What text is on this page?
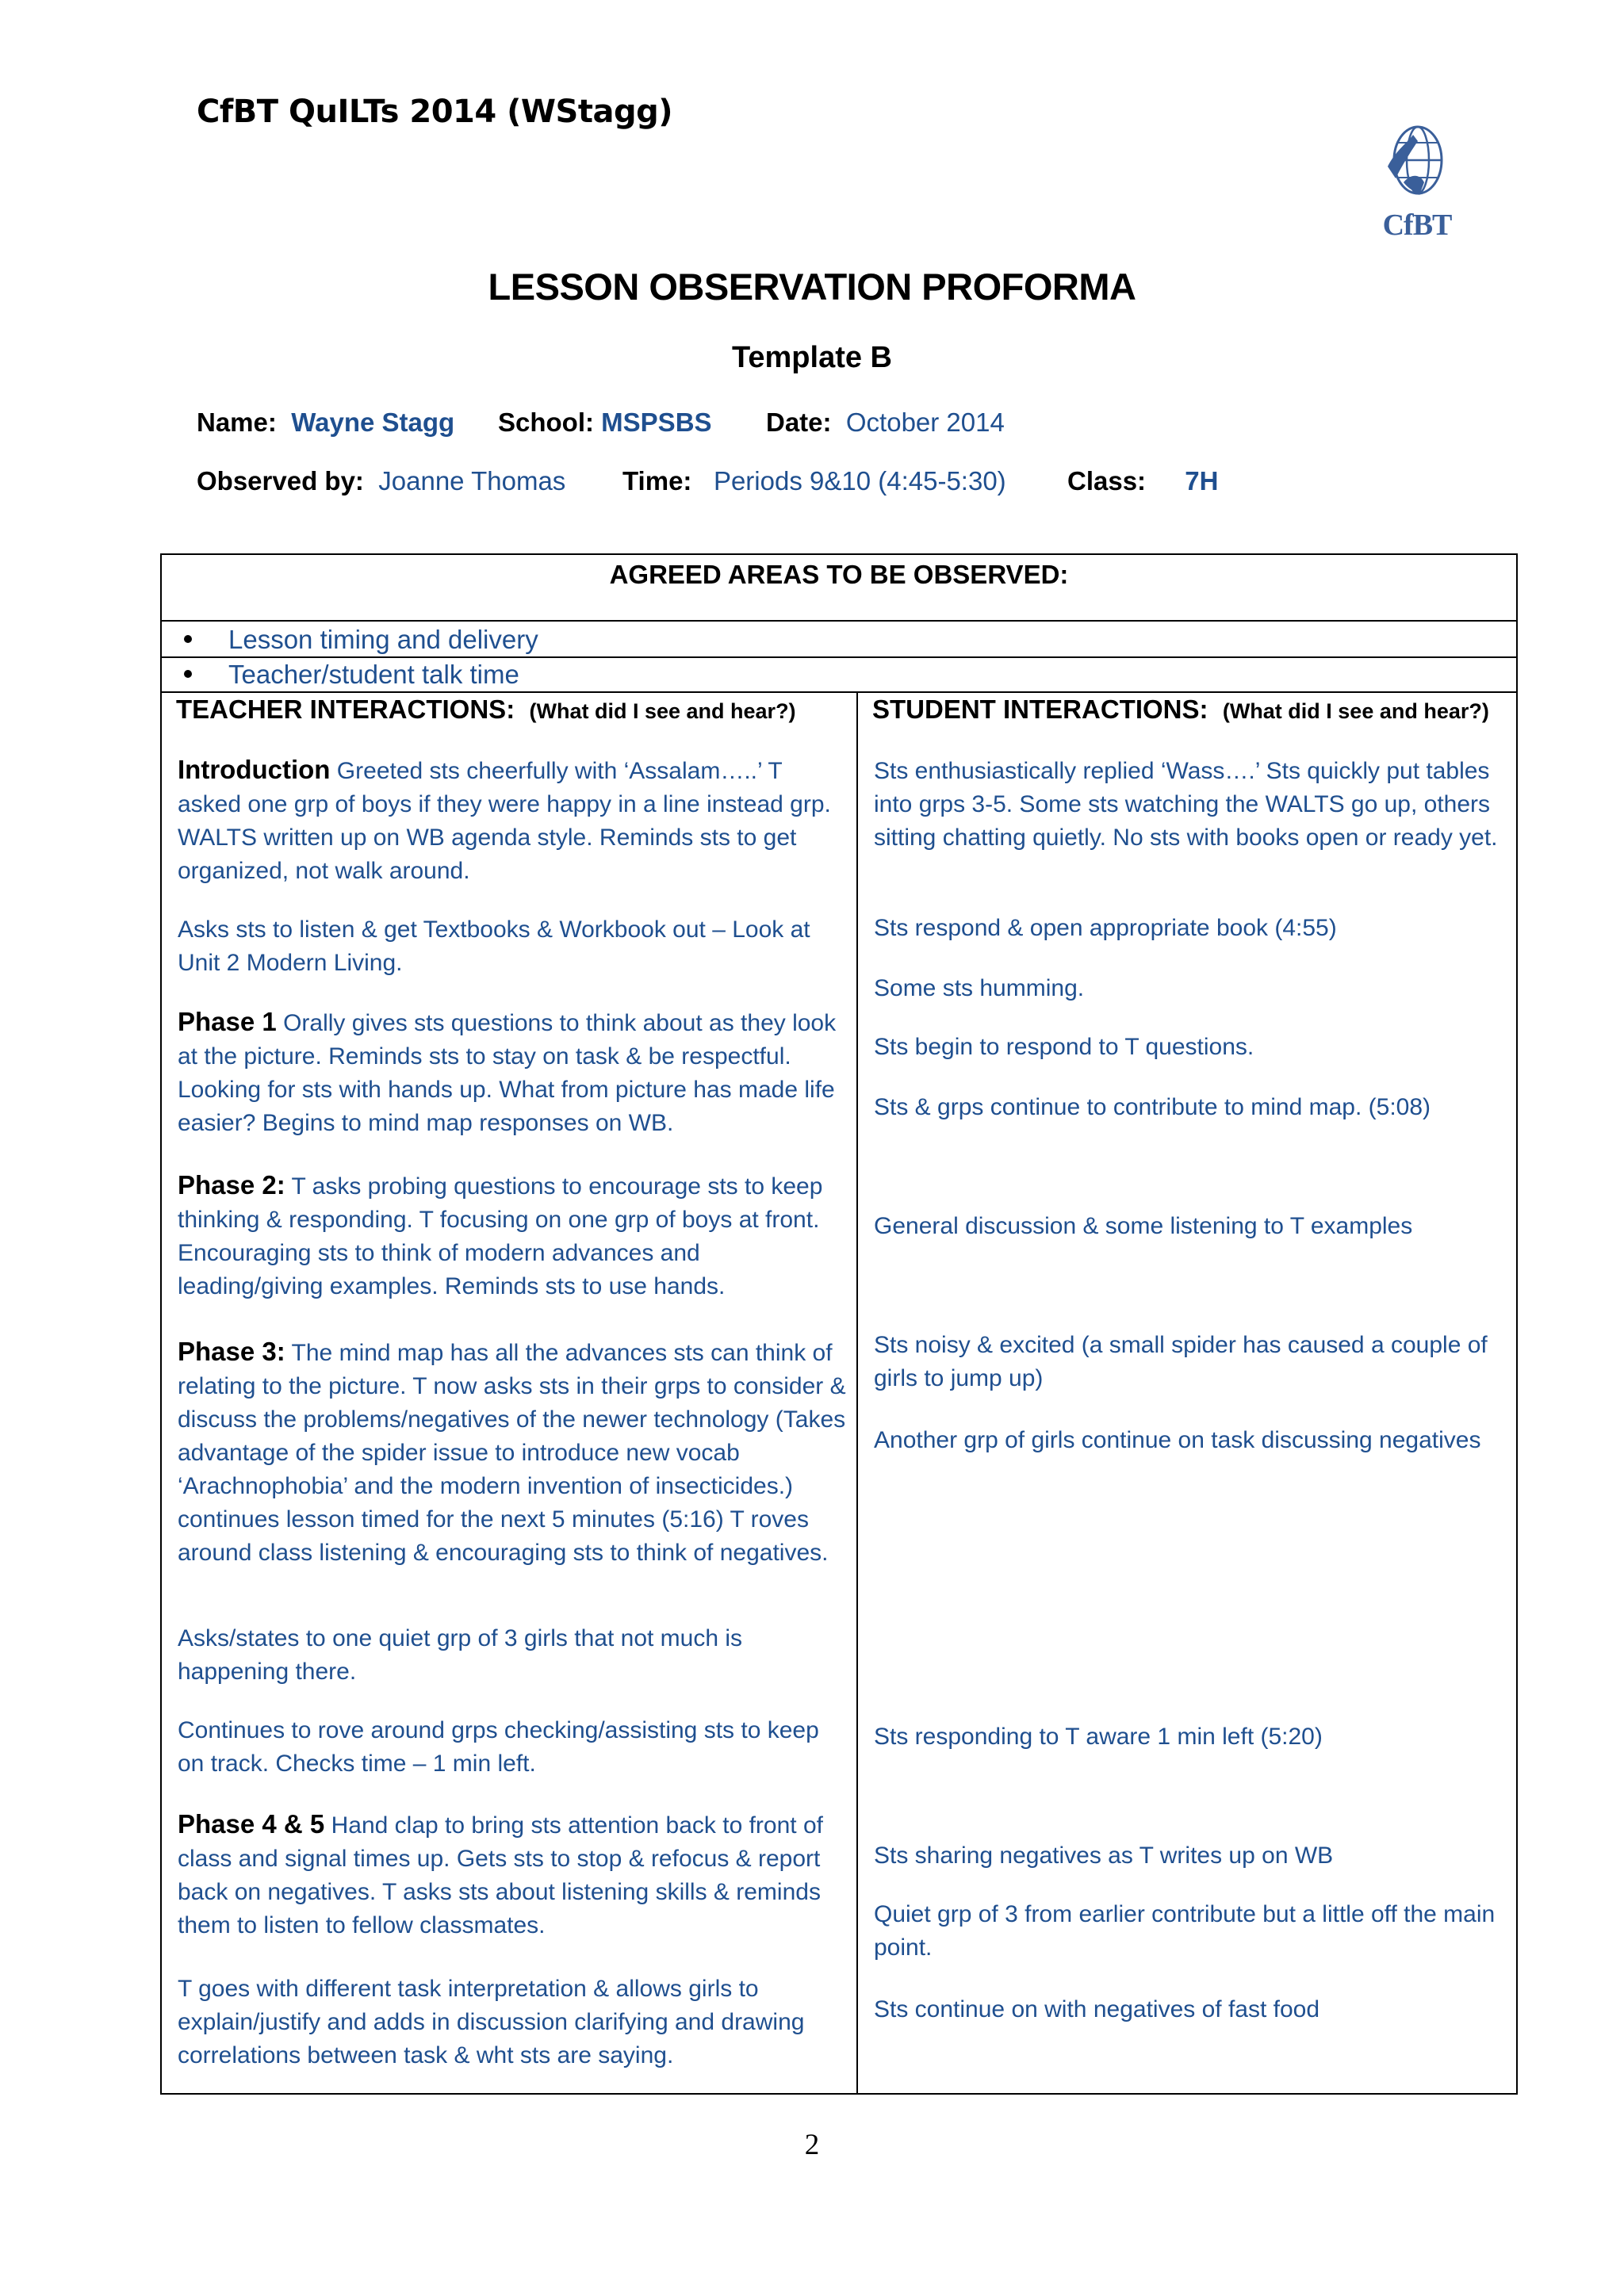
CfBT QuILTs 2014 (WStagg)
CfBT
LESSON OBSERVATION PROFORMA
Template B
Name: Wayne Stagg School: MSPSBS Date: October 2014
Observed by: Joanne Thomas Time: Periods 9&10 (4:45-5:30) Class: 7H
AGREED AREAS TO BE OBSERVED:
Lesson timing and delivery
Teacher/student talk time
TEACHER INTERACTIONS:  (What did I see and hear?)	STUDENT INTERACTIONS:  (What did I see and hear?)
Introduction Greeted sts cheerfully with ‘Assalam…..’ T asked one grp of boys if they were happy in a line instead grp. WALTS written up on WB agenda style. Reminds sts to get organized, not walk around.
Asks sts to listen & get Textbooks & Workbook out – Look at Unit 2 Modern Living.
Phase 1 Orally gives sts questions to think about as they look at the picture. Reminds sts to stay on task & be respectful. Looking for sts with hands up. What from picture has made life easier? Begins to mind map responses on WB.
Phase 2: T asks probing questions to encourage sts to keep thinking & responding. T focusing on one grp of boys at front. Encouraging sts to think of modern advances and leading/giving examples. Reminds sts to use hands.
Phase 3: The mind map has all the advances sts can think of relating to the picture. T now asks sts in their grps to consider & discuss the problems/negatives of the newer technology (Takes advantage of the spider issue to introduce new vocab ‘Arachnophobia’ and the modern invention of insecticides.) continues lesson timed for the next 5 minutes (5:16) T roves around class listening & encouraging sts to think of negatives.
Asks/states to one quiet grp of 3 girls that not much is happening there.
Continues to rove around grps checking/assisting sts to keep on track. Checks time – 1 min left.
Phase 4 & 5 Hand clap to bring sts attention back to front of class and signal times up. Gets sts to stop & refocus & report back on negatives. T asks sts about listening skills & reminds them to listen to fellow classmates.
T goes with different task interpretation & allows girls to explain/justify and adds in discussion clarifying and drawing correlations between task & wht sts are saying.
Sts enthusiastically replied ‘Wass….’ Sts quickly put tables into grps 3-5. Some sts watching the WALTS go up, others sitting chatting quietly. No sts with books open or ready yet.
Sts respond & open appropriate book (4:55)
Some sts humming.
Sts begin to respond to T questions.
Sts & grps continue to contribute to mind map. (5:08)
General discussion & some listening to T examples
Sts noisy & excited (a small spider has caused a couple of girls to jump up)
Another grp of girls continue on task discussing negatives
Sts responding to T aware 1 min left (5:20)
Sts sharing negatives as T writes up on WB
Quiet grp of 3 from earlier contribute but a little off the main point.
Sts continue on with negatives of fast food
2
